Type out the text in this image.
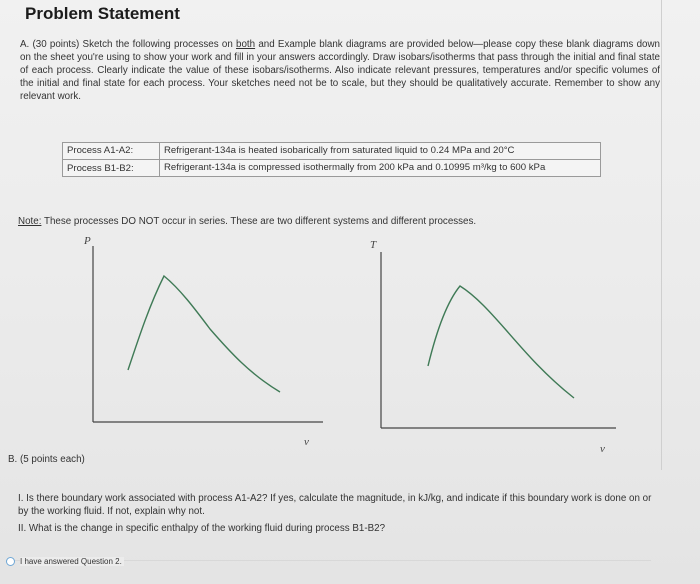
Problem Statement
A. (30 points) Sketch the following processes on both and Example blank diagrams are provided below—please copy these blank diagrams down on the sheet you're using to show your work and fill in your answers accordingly. Draw isobars/isotherms that pass through the initial and final state of each process. Clearly indicate the value of these isobars/isotherms. Also indicate relevant pressures, temperatures and/or specific volumes of the initial and final state for each process. Your sketches need not be to scale, but they should be qualitatively accurate. Remember to show any relevant work.
Process A1-A2:	Refrigerant-134a is heated isobarically from saturated liquid to 0.24 MPa and 20°C
Process B1-B2:	Refrigerant-134a is compressed isothermally from 200 kPa and 0.10995 m³/kg to 600 kPa
Note: These processes DO NOT occur in series. These are two different systems and different processes.
P
v
T
v
B. (5 points each)
I. Is there boundary work associated with process A1-A2? If yes, calculate the magnitude, in kJ/kg, and indicate if this boundary work is done on or by the working fluid. If not, explain why not.
II. What is the change in specific enthalpy of the working fluid during process B1-B2?
I have answered Question 2.
